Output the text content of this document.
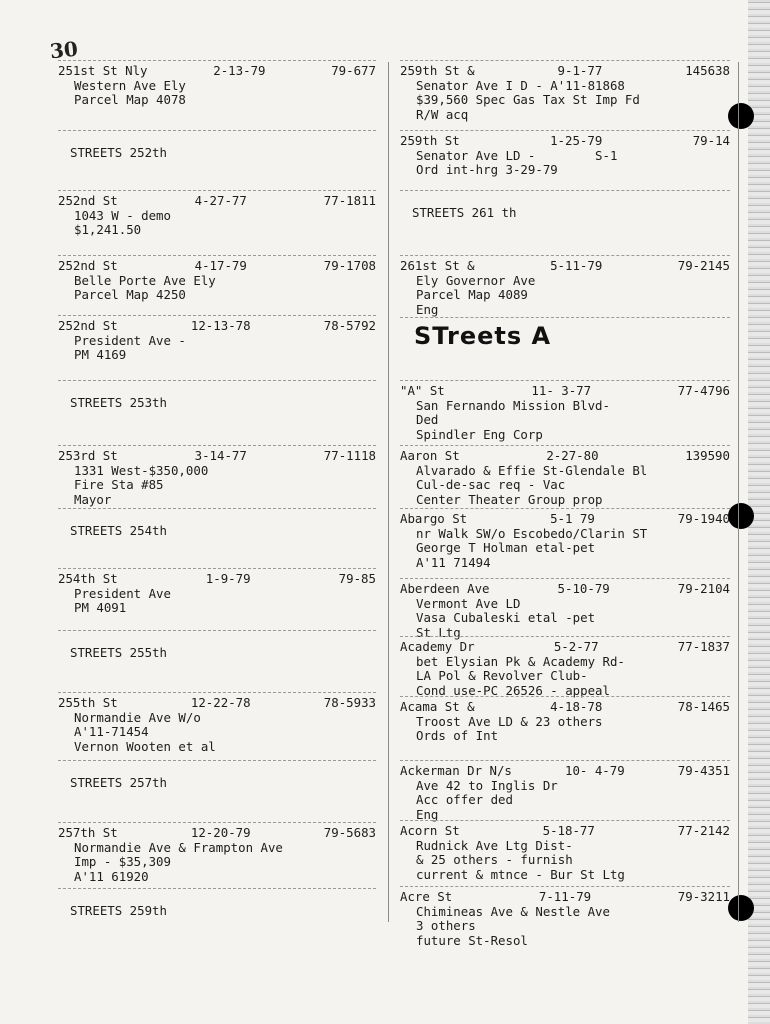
30
251st St Nly	2-13-79	79-677
Western Ave Ely
Parcel Map 4078
STREETS 252th
252nd St	4-27-77	77-1811
1043 W - demo
$1,241.50
252nd St	4-17-79	79-1708
Belle Porte Ave Ely
Parcel Map 4250
252nd St	12-13-78	78-5792
President Ave -
PM 4169
STREETS 253th
253rd St	3-14-77	77-1118
1331 West-$350,000
Fire Sta #85
Mayor
STREETS 254th
254th St	1-9-79	79-85
President Ave
PM 4091
STREETS 255th
255th St	12-22-78	78-5933
Normandie Ave W/o
A'11-71454
Vernon Wooten et al
STREETS 257th
257th St	12-20-79	79-5683
Normandie Ave & Frampton Ave
Imp - $35,309
A'11 61920
STREETS 259th
259th St &	9-1-77	145638
Senator Ave I D - A'11-81868
$39,560 Spec Gas Tax St Imp Fd
R/W acq
259th St	1-25-79	79-14
Senator Ave LD -        S-1
Ord int-hrg 3-29-79
STREETS 261 th
261st St &	5-11-79	79-2145
Ely Governor Ave
Parcel Map 4089
Eng
STreets A
"A" St	11- 3-77	77-4796
San Fernando Mission Blvd-
Ded
Spindler Eng Corp
Aaron St	2-27-80	139590
Alvarado & Effie St-Glendale Bl
Cul-de-sac req - Vac
Center Theater Group prop
Abargo St	5-1 79	79-1940
nr Walk SW/o Escobedo/Clarin ST
George T Holman etal-pet
A'11 71494
Aberdeen Ave	5-10-79	79-2104
Vermont Ave LD
Vasa Cubaleski etal -pet
St Ltg
Academy Dr	5-2-77	77-1837
bet Elysian Pk & Academy Rd-
LA Pol & Revolver Club-
Cond use-PC 26526 - appeal
Acama St &	4-18-78	78-1465
Troost Ave LD & 23 others
Ords of Int
Ackerman Dr N/s	10- 4-79	79-4351
Ave 42 to Inglis Dr
Acc offer ded
Eng
Acorn St	5-18-77	77-2142
Rudnick Ave Ltg Dist-
& 25 others - furnish
current & mtnce - Bur St Ltg
Acre St	7-11-79	79-3211
Chimineas Ave & Nestle Ave
3 others
future St-Resol
